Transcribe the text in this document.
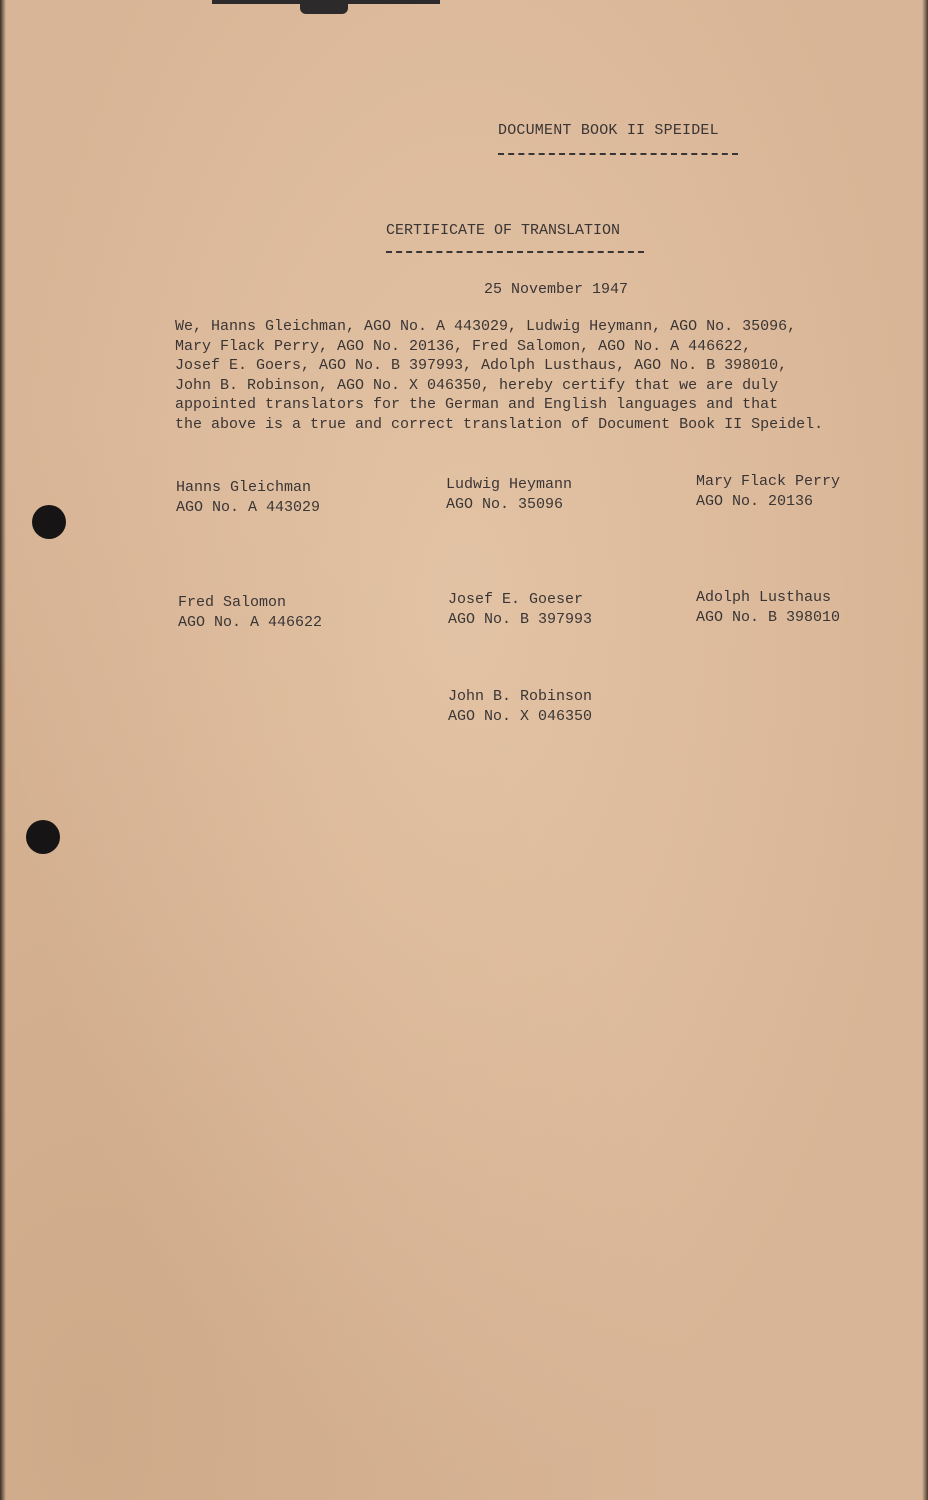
DOCUMENT BOOK II SPEIDEL
CERTIFICATE OF TRANSLATION
25 November 1947

We, Hanns Gleichman, AGO No. A 443029, Ludwig Heymann, AGO No. 35096,
Mary Flack Perry, AGO No. 20136, Fred Salomon, AGO No. A 446622,
Josef E. Goers, AGO No. B 397993, Adolph Lusthaus, AGO No. B 398010,
John B. Robinson, AGO No. X 046350, hereby certify that we are duly
appointed translators for the German and English languages and that
the above is a true and correct translation of Document Book II Speidel.

Hanns Gleichman
AGO No. A 443029
Ludwig Heymann
AGO No. 35096
Mary Flack Perry
AGO No. 20136
Fred Salomon
AGO No. A 446622
Josef E. Goeser
AGO No. B 397993
Adolph Lusthaus
AGO No. B 398010
John B. Robinson
AGO No. X 046350
